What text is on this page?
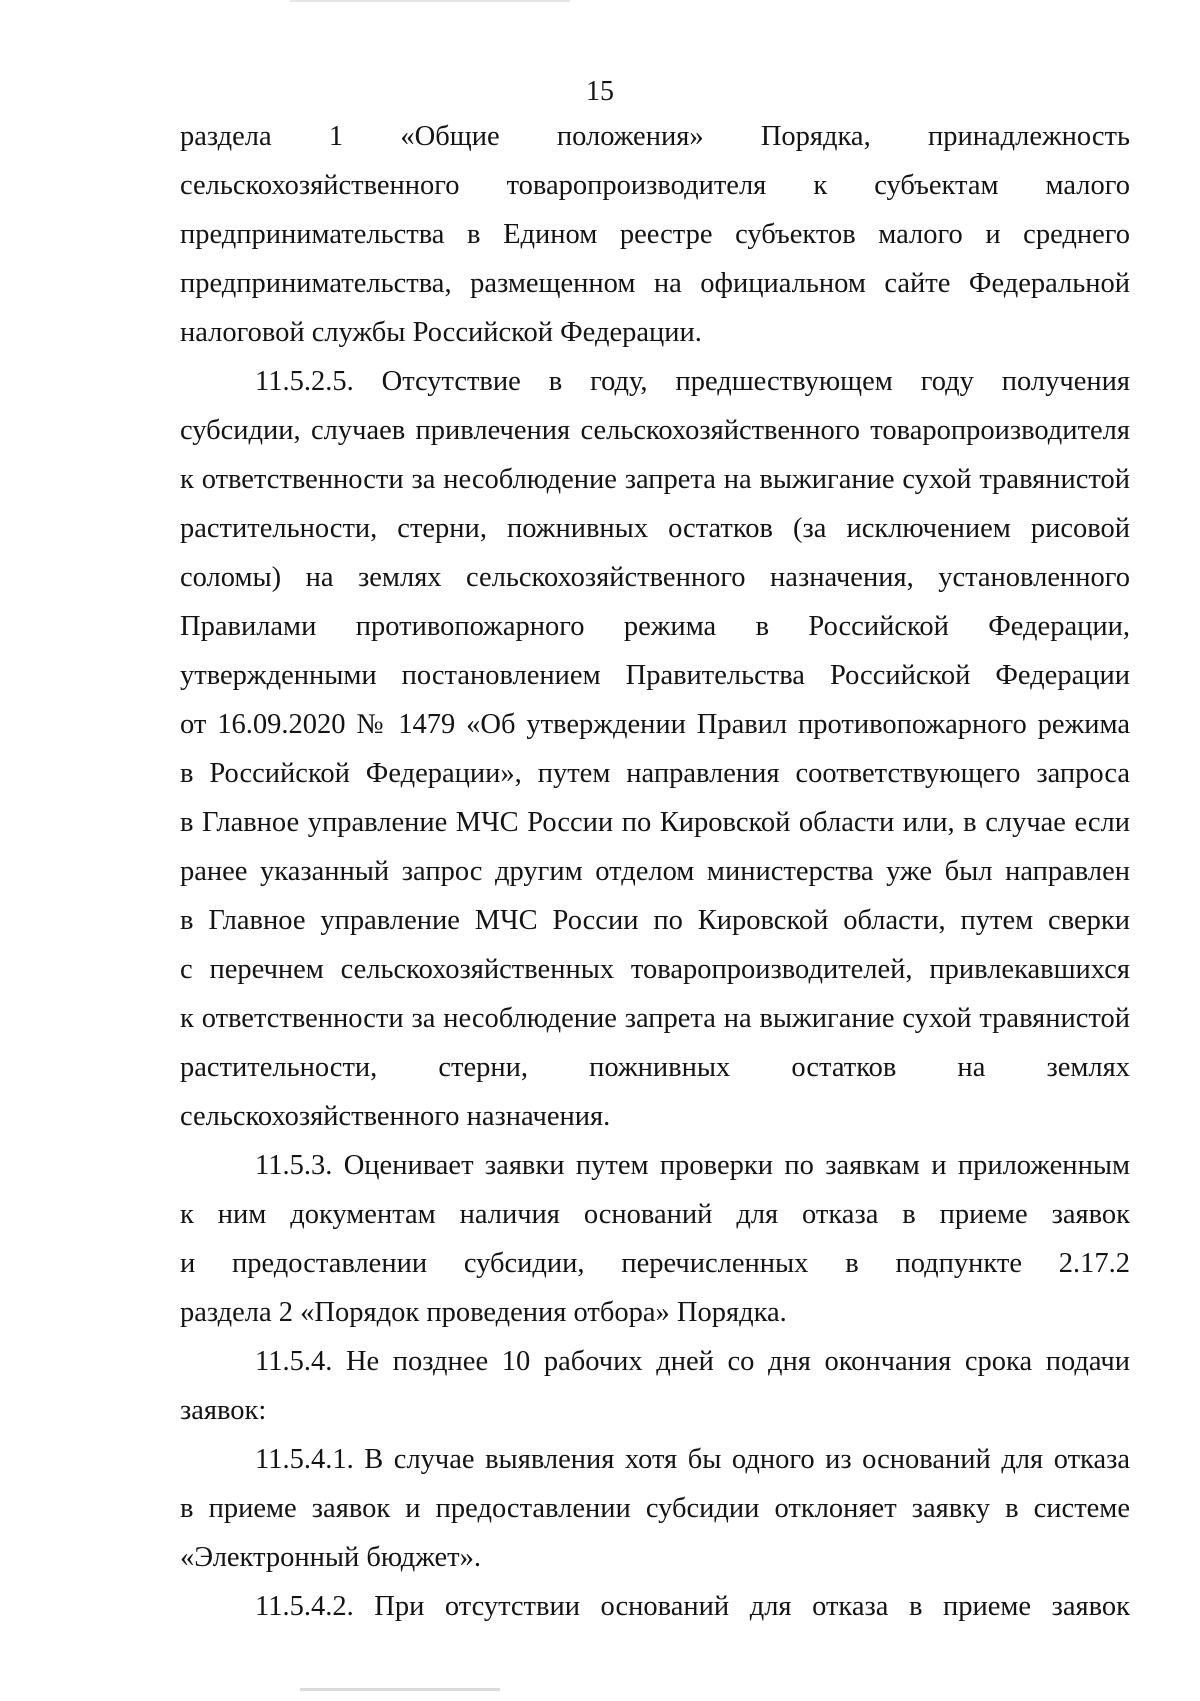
15

раздела 1 «Общие положения» Порядка, принадлежность
сельскохозяйственного товаропроизводителя к субъектам малого
предпринимательства в Едином реестре субъектов малого и среднего
предпринимательства, размещенном на официальном сайте Федеральной
налоговой службы Российской Федерации.

11.5.2.5. Отсутствие в году, предшествующем году получения
субсидии, случаев привлечения сельскохозяйственного товаропроизводителя
к ответственности за несоблюдение запрета на выжигание сухой травянистой
растительности, стерни, пожнивных остатков (за исключением рисовой
соломы) на землях сельскохозяйственного назначения, установленного
Правилами противопожарного режима в Российской Федерации,
утвержденными постановлением Правительства Российской Федерации
от 16.09.2020 № 1479 «Об утверждении Правил противопожарного режима
в Российской Федерации», путем направления соответствующего запроса
в Главное управление МЧС России по Кировской области или, в случае если
ранее указанный запрос другим отделом министерства уже был направлен
в Главное управление МЧС России по Кировской области, путем сверки
с перечнем сельскохозяйственных товаропроизводителей, привлекавшихся
к ответственности за несоблюдение запрета на выжигание сухой травянистой
растительности, стерни, пожнивных остатков на землях
сельскохозяйственного назначения.

11.5.3. Оценивает заявки путем проверки по заявкам и приложенным
к ним документам наличия оснований для отказа в приеме заявок
и предоставлении субсидии, перечисленных в подпункте 2.17.2
раздела 2 «Порядок проведения отбора» Порядка.

11.5.4. Не позднее 10 рабочих дней со дня окончания срока подачи
заявок:

11.5.4.1. В случае выявления хотя бы одного из оснований для отказа
в приеме заявок и предоставлении субсидии отклоняет заявку в системе
«Электронный бюджет».

11.5.4.2. При отсутствии оснований для отказа в приеме заявок
